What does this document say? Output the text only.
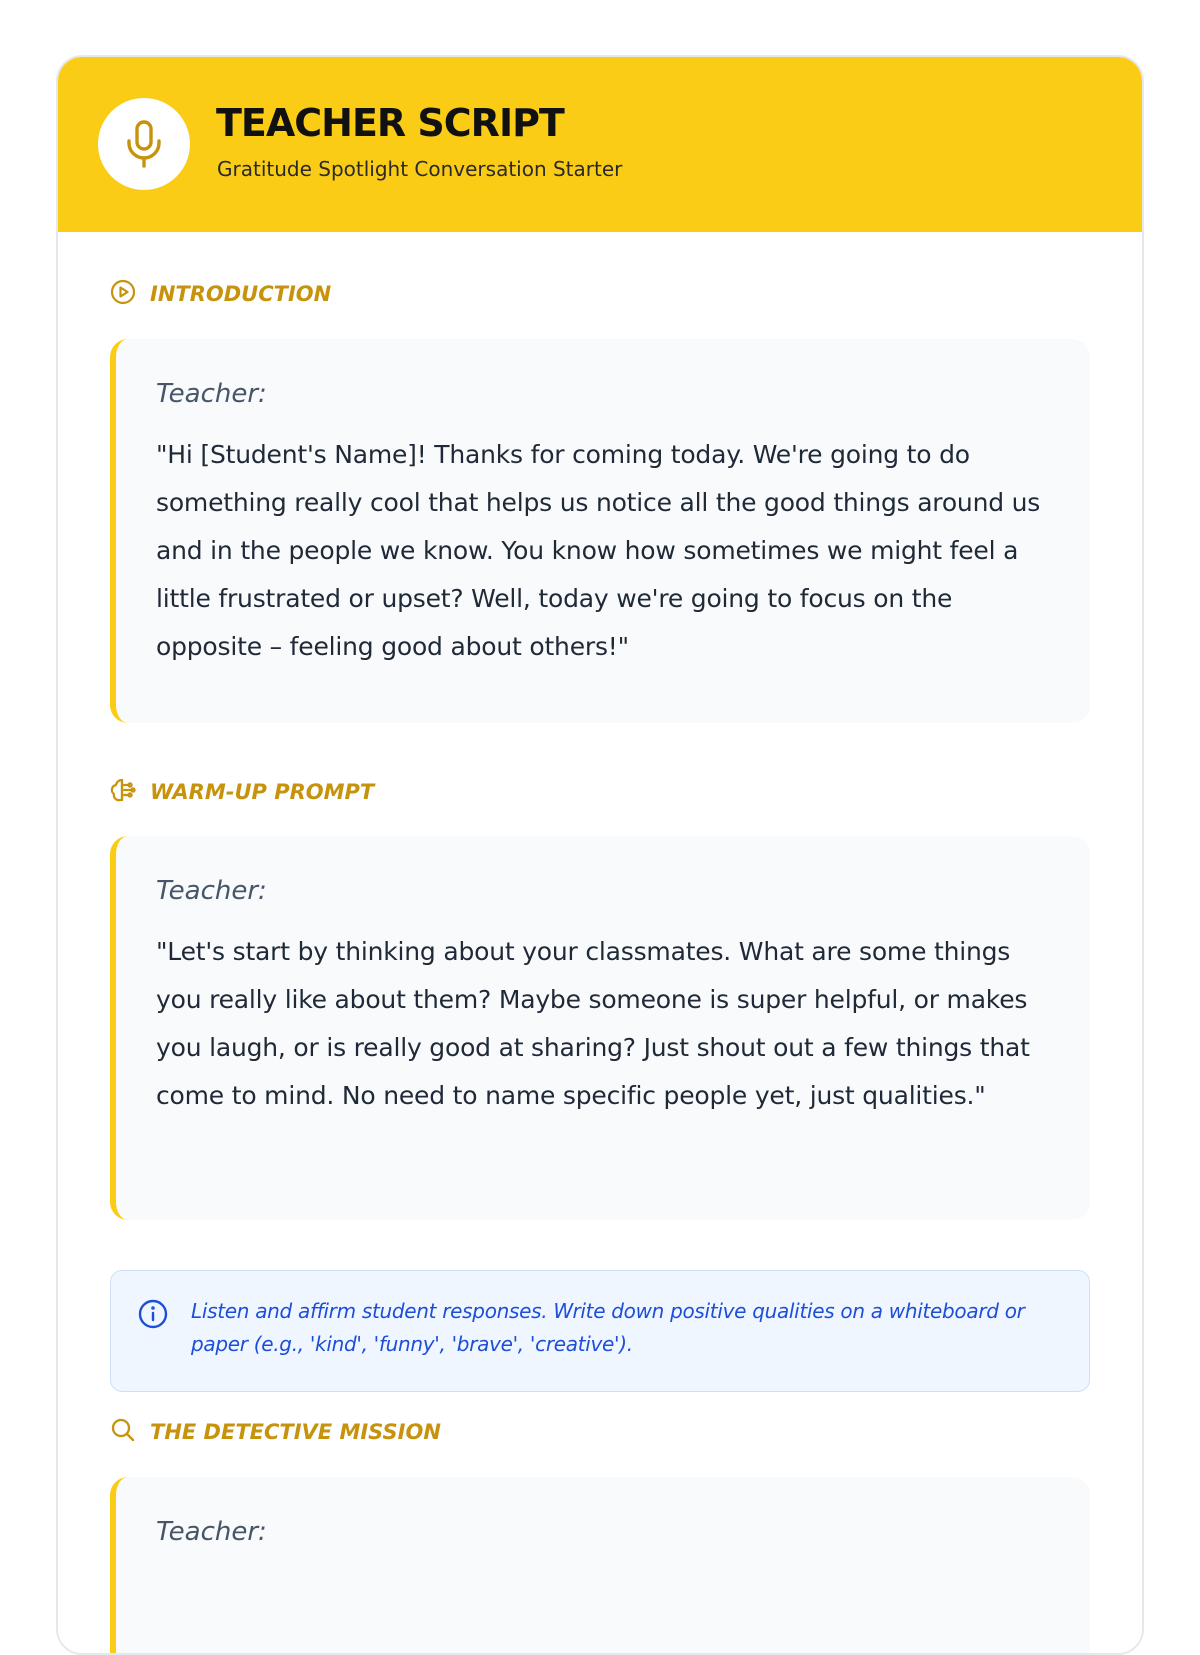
TEACHER SCRIPT
Gratitude Spotlight Conversation Starter
INTRODUCTION

Teacher:

"Hi [Student's Name]! Thanks for coming today. We're going to do something really cool that helps us notice all the good things around us and in the people we know. You know how sometimes we might feel a little frustrated or upset? Well, today we're going to focus on the opposite – feeling good about others!"

WARM-UP PROMPT

Teacher:

"Let's start by thinking about your classmates. What are some things you really like about them? Maybe someone is super helpful, or makes you laugh, or is really good at sharing? Just shout out a few things that come to mind. No need to name specific people yet, just qualities."

Listen and affirm student responses. Write down positive qualities on a whiteboard or paper (e.g., 'kind', 'funny', 'brave', 'creative').

THE DETECTIVE MISSION

Teacher:
